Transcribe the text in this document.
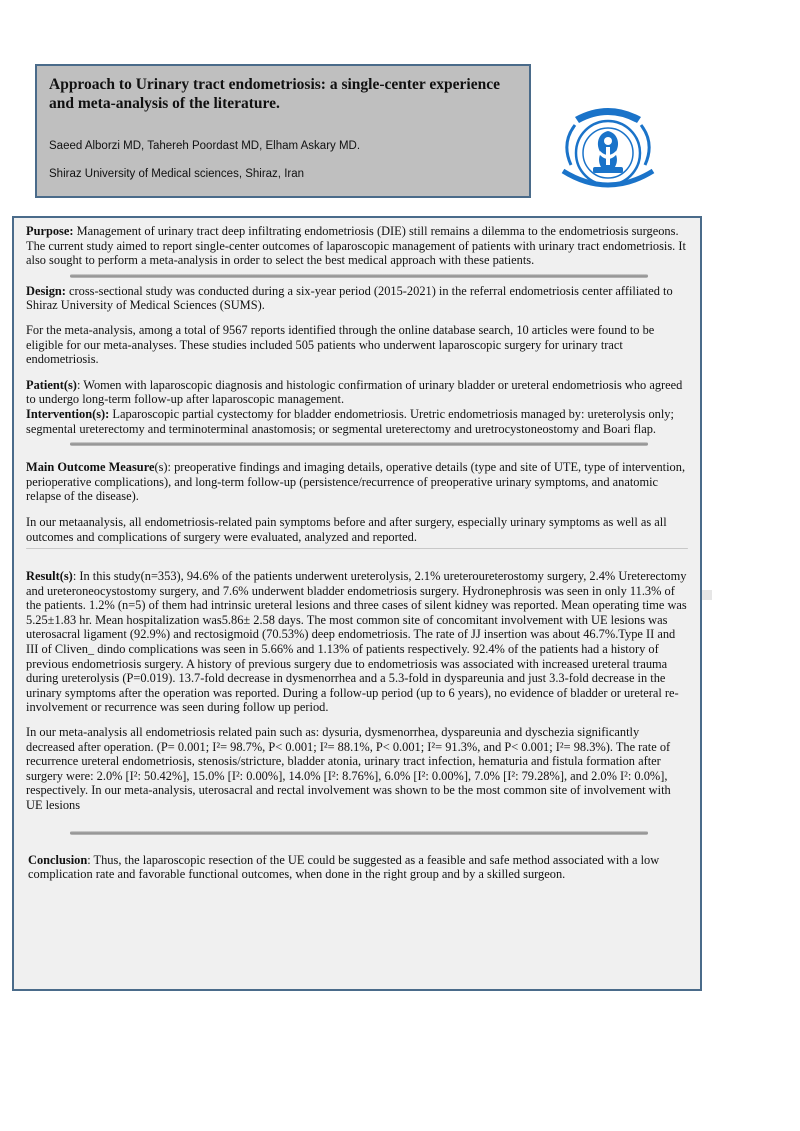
Approach to Urinary tract endometriosis: a single-center experience and meta-analysis of the literature.

Saeed Alborzi MD, Tahereh Poordast MD, Elham Askary MD.

Shiraz University of Medical sciences, Shiraz, Iran

Purpose: Management of urinary tract deep infiltrating endometriosis (DIE) still remains a dilemma to the endometriosis surgeons. The current study aimed to report single-center outcomes of laparoscopic management of patients with urinary tract endometriosis. It also sought to perform a meta-analysis in order to select the best medical approach with these patients.

Design: cross-sectional study was conducted during a six-year period (2015-2021) in the referral endometriosis center affiliated to Shiraz University of Medical Sciences (SUMS).

For the meta-analysis, among a total of 9567 reports identified through the online database search, 10 articles were found to be eligible for our meta-analyses. These studies included 505 patients who underwent laparoscopic surgery for urinary tract endometriosis.

Patient(s): Women with laparoscopic diagnosis and histologic confirmation of urinary bladder or ureteral endometriosis who agreed to undergo long-term follow-up after laparoscopic management.

Intervention(s): Laparoscopic partial cystectomy for bladder endometriosis. Uretric endometriosis managed by: ureterolysis only; segmental ureterectomy and terminoterminal anastomosis; or segmental ureterectomy and uretrocystoneostomy and Boari flap.

Main Outcome Measure(s): preoperative findings and imaging details, operative details (type and site of UTE, type of intervention, perioperative complications), and long-term follow-up (persistence/recurrence of preoperative urinary symptoms, and anatomic relapse of the disease).

In our metaanalysis, all endometriosis-related pain symptoms before and after surgery, especially urinary symptoms as well as all outcomes and complications of surgery were evaluated, analyzed and reported.

Result(s): In this study(n=353), 94.6% of the patients underwent ureterolysis, 2.1% ureteroureterostomy surgery, 2.4% Ureterectomy and ureteroneocystostomy surgery, and 7.6% underwent bladder endometriosis surgery. Hydronephrosis was seen in only 11.3% of the patients. 1.2% (n=5) of them had intrinsic ureteral lesions and three cases of silent kidney was reported. Mean operating time was 5.25±1.83 hr. Mean hospitalization was5.86± 2.58 days. The most common site of concomitant involvement with UE lesions was uterosacral ligament (92.9%) and rectosigmoid (70.53%) deep endometriosis. The rate of JJ insertion was about 46.7%.Type II and III of Cliven_ dindo complications was seen in 5.66% and 1.13% of patients respectively. 92.4% of the patients had a history of previous endometriosis surgery. A history of previous surgery due to endometriosis was associated with increased ureteral trauma during ureterolysis (P=0.019). 13.7-fold decrease in dysmenorrhea and a 5.3-fold in dyspareunia and just 3.3-fold decrease in the urinary symptoms after the operation was reported. During a follow-up period (up to 6 years), no evidence of bladder or ureteral re-involvement or recurrence was seen during follow up period.

In our meta-analysis all endometriosis related pain such as: dysuria, dysmenorrhea, dyspareunia and dyschezia significantly decreased after operation. (P= 0.001; I²= 98.7%, P< 0.001; I²= 88.1%, P< 0.001; I²= 91.3%, and P< 0.001; I²= 98.3%). The rate of recurrence ureteral endometriosis, stenosis/stricture, bladder atonia, urinary tract infection, hematuria and fistula formation after surgery were: 2.0% [I²: 50.42%], 15.0% [I²: 0.00%], 14.0% [I²: 8.76%], 6.0% [I²: 0.00%], 7.0% [I²: 79.28%], and 2.0% I²: 0.0%], respectively. In our meta-analysis, uterosacral and rectal involvement was shown to be the most common site of involvement with UE lesions

Conclusion: Thus, the laparoscopic resection of the UE could be suggested as a feasible and safe method associated with a low complication rate and favorable functional outcomes, when done in the right group and by a skilled surgeon.
